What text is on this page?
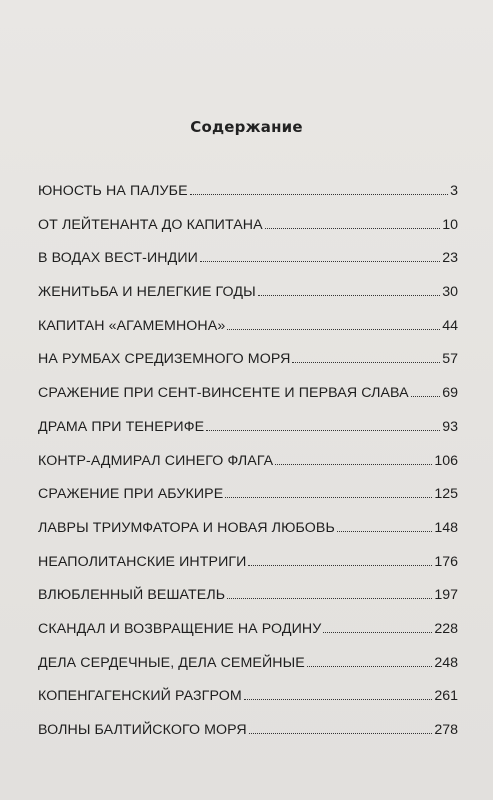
Содержание
ЮНОСТЬ НА ПАЛУБЕ	3
ОТ ЛЕЙТЕНАНТА ДО КАПИТАНА	10
В ВОДАХ ВЕСТ-ИНДИИ	23
ЖЕНИТЬБА И НЕЛЕГКИЕ ГОДЫ	30
КАПИТАН «АГАМЕМНОНА»	44
НА РУМБАХ СРЕДИЗЕМНОГО МОРЯ	57
СРАЖЕНИЕ ПРИ СЕНТ-ВИНСЕНТЕ И ПЕРВАЯ СЛАВА 69
ДРАМА ПРИ ТЕНЕРИФЕ	93
КОНТР-АДМИРАЛ СИНЕГО ФЛАГА	106
СРАЖЕНИЕ ПРИ АБУКИРЕ	125
ЛАВРЫ ТРИУМФАТОРА И НОВАЯ ЛЮБОВЬ	148
НЕАПОЛИТАНСКИЕ ИНТРИГИ	176
ВЛЮБЛЕННЫЙ ВЕШАТЕЛЬ	197
СКАНДАЛ И ВОЗВРАЩЕНИЕ НА РОДИНУ	228
ДЕЛА СЕРДЕЧНЫЕ, ДЕЛА СЕМЕЙНЫЕ	248
КОПЕНГАГЕНСКИЙ РАЗГРОМ	261
ВОЛНЫ БАЛТИЙСКОГО МОРЯ	278
